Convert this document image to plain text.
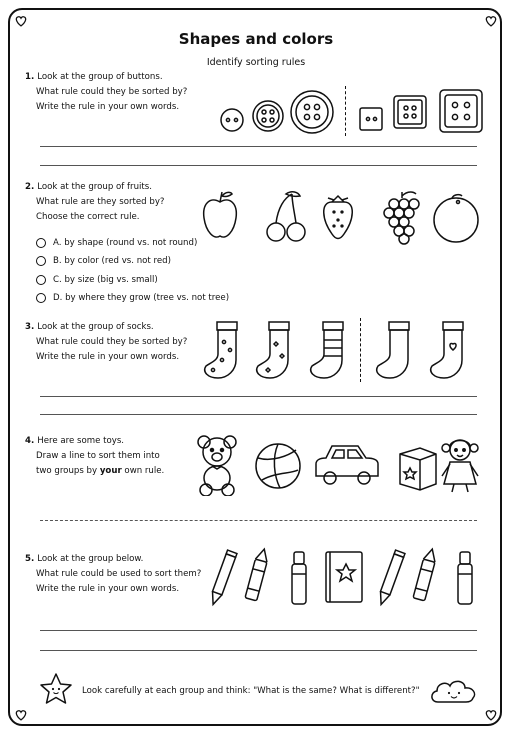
Shapes and colors
Identify sorting rules
1. Look at the group of buttons.
What rule could they be sorted by?
Write the rule in your own words.
2. Look at the group of fruits.
What rule are they sorted by?
Choose the correct rule.
A. by shape (round vs. not round)
B. by color (red vs. not red)
C. by size (big vs. small)
D. by where they grow (tree vs. not tree)
3. Look at the group of socks.
What rule could they be sorted by?
Write the rule in your own words.
4. Here are some toys.
Draw a line to sort them into
two groups by your own rule.
5. Look at the group below.
What rule could be used to sort them?
Write the rule in your own words.
Look carefully at each group and think: "What is the same? What is different?"
